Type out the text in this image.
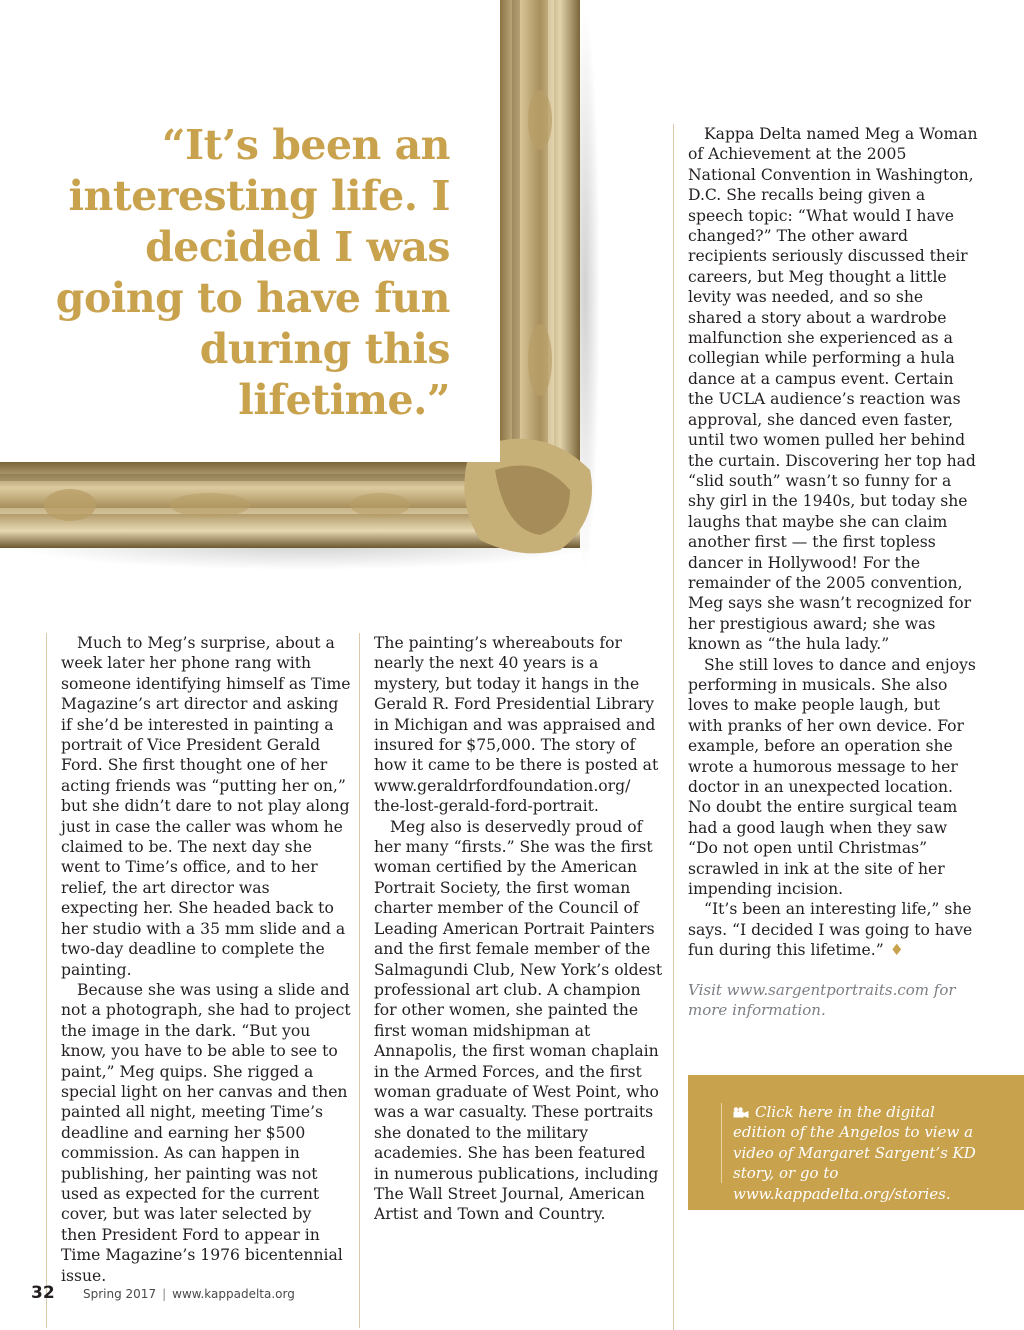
“It’s been an
interesting life. I
decided I was
going to have fun
during this
lifetime.”

Much to Meg’s surprise, about a week later her phone rang with someone identifying himself as Time Magazine’s art director and asking if she’d be interested in painting a portrait of Vice President Gerald Ford. She first thought one of her acting friends was “putting her on,” but she didn’t dare to not play along just in case the caller was whom he claimed to be. The next day she went to Time’s office, and to her relief, the art director was expecting her. She headed back to her studio with a 35 mm slide and a two-day deadline to complete the painting.

Because she was using a slide and not a photograph, she had to project the image in the dark. “But you know, you have to be able to see to paint,” Meg quips. She rigged a special light on her canvas and then painted all night, meeting Time’s deadline and earning her $500 commission. As can happen in publishing, her painting was not used as expected for the current cover, but was later selected by then President Ford to appear in Time Magazine’s 1976 bicentennial issue.

The painting’s whereabouts for nearly the next 40 years is a mystery, but today it hangs in the Gerald R. Ford Presidential Library in Michigan and was appraised and insured for $75,000. The story of how it came to be there is posted at www.geraldrfordfoundation.org/ the-lost-gerald-ford-portrait.

Meg also is deservedly proud of her many “firsts.” She was the first woman certified by the American Portrait Society, the first woman charter member of the Council of Leading American Portrait Painters and the first female member of the Salmagundi Club, New York’s oldest professional art club. A champion for other women, she painted the first woman midshipman at Annapolis, the first woman chaplain in the Armed Forces, and the first woman graduate of West Point, who was a war casualty. These portraits she donated to the military academies. She has been featured in numerous publications, including The Wall Street Journal, American Artist and Town and Country.

Kappa Delta named Meg a Woman of Achievement at the 2005 National Convention in Washington, D.C. She recalls being given a speech topic: “What would I have changed?” The other award recipients seriously discussed their careers, but Meg thought a little levity was needed, and so she shared a story about a wardrobe malfunction she experienced as a collegian while performing a hula dance at a campus event. Certain the UCLA audience’s reaction was approval, she danced even faster, until two women pulled her behind the curtain. Discovering her top had “slid south” wasn’t so funny for a shy girl in the 1940s, but today she laughs that maybe she can claim another first — the first topless dancer in Hollywood! For the remainder of the 2005 convention, Meg says she wasn’t recognized for her prestigious award; she was known as “the hula lady.”

She still loves to dance and enjoys performing in musicals. She also loves to make people laugh, but with pranks of her own device. For example, before an operation she wrote a humorous message to her doctor in an unexpected location. No doubt the entire surgical team had a good laugh when they saw “Do not open until Christmas” scrawled in ink at the site of her impending incision.

“It’s been an interesting life,” she says. “I decided I was going to have fun during this lifetime.” ♦

Visit www.sargentportraits.com for more information.
Click here in the digital edition of the Angelos to view a video of Margaret Sargent’s KD story, or go to www.kappadelta.org/stories.
32 Spring 2017 | www.kappadelta.org
